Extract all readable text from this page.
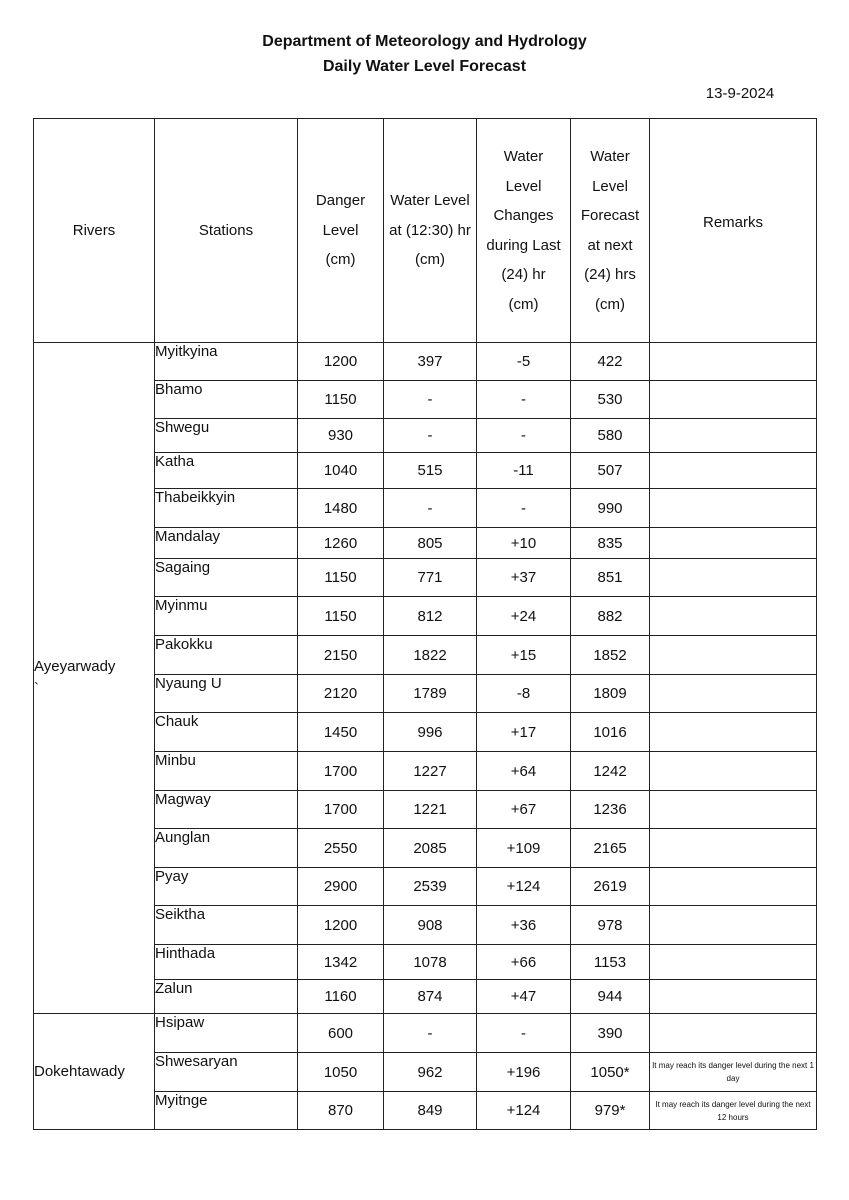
Department of Meteorology and Hydrology
Daily Water Level Forecast
13-9-2024
Rivers	Stations	Danger Level (cm)	Water Level at (12:30) hr (cm)	Water Level Changes during Last (24) hr (cm)	Water Level Forecast at next (24) hrs (cm)	Remarks

Ayeyarwady
`	Myitkyina	1200	397	-5	422	
	Bhamo	1150	-	-	530	
	Shwegu	930	-	-	580	
	Katha	1040	515	-11	507	
	Thabeikkyin	1480	-	-	990	
	Mandalay	1260	805	+10	835	
	Sagaing	1150	771	+37	851	
	Myinmu	1150	812	+24	882	
	Pakokku	2150	1822	+15	1852	
	Nyaung U	2120	1789	-8	1809	
	Chauk	1450	996	+17	1016	
	Minbu	1700	1227	+64	1242	
	Magway	1700	1221	+67	1236	
	Aunglan	2550	2085	+109	2165	
	Pyay	2900	2539	+124	2619	
	Seiktha	1200	908	+36	978	
	Hinthada	1342	1078	+66	1153	
	Zalun	1160	874	+47	944	

Dokehtawady	Hsipaw	600	-	-	390	
	Shwesaryan	1050	962	+196	1050*	It may reach its danger level during the next 1 day
	Myitnge	870	849	+124	979*	It may reach its danger level during the next 12 hours
